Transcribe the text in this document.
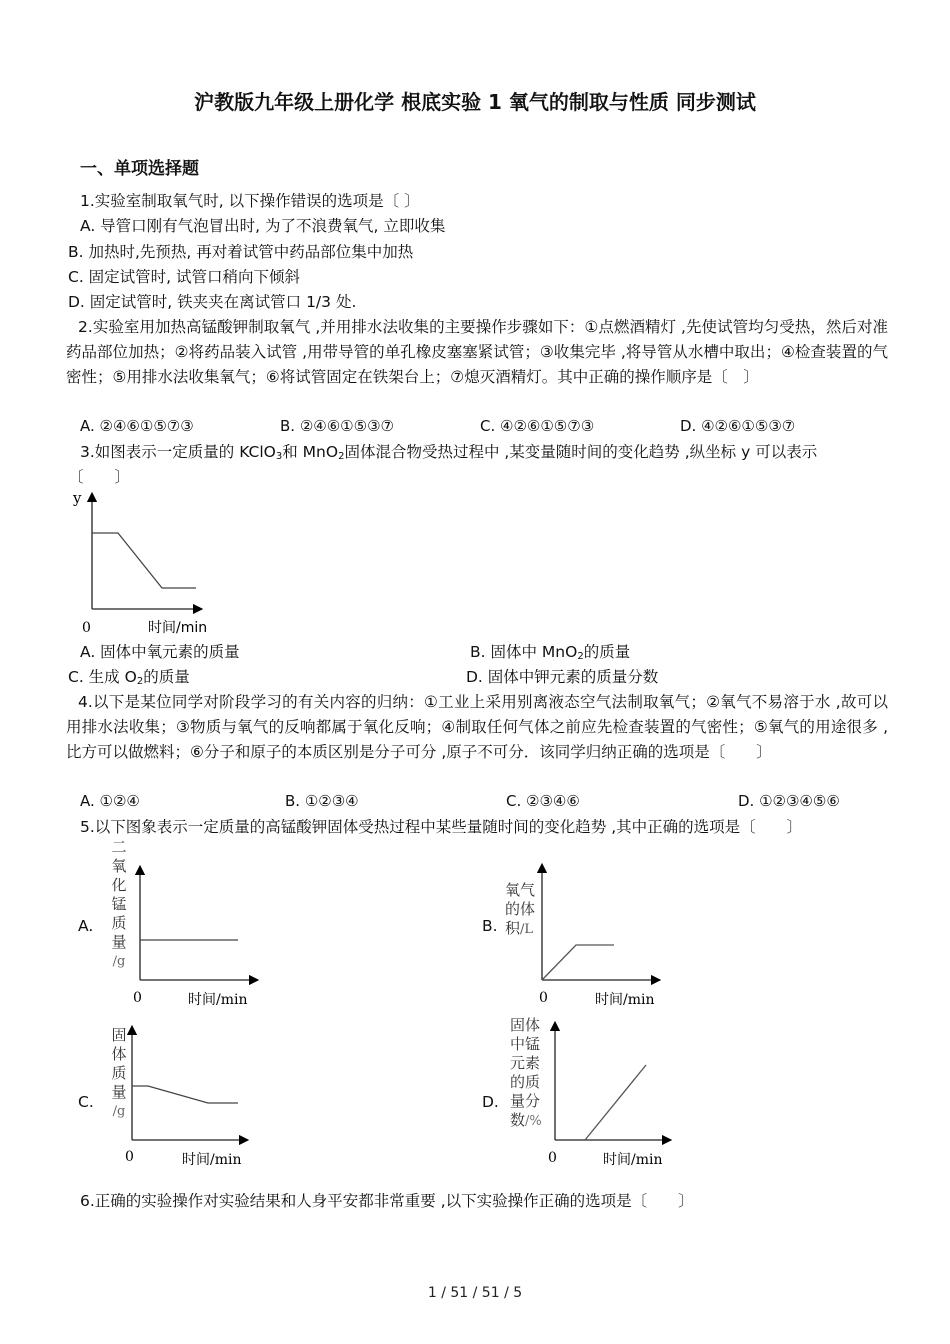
沪教版九年级上册化学 根底实验 1 氧气的制取与性质 同步测试
一、单项选择题
1.实验室制取氧气时, 以下操作错误的选项是〔 〕
A. 导管口刚有气泡冒出时, 为了不浪费氧气, 立即收集
B. 加热时,先预热, 再对着试管中药品部位集中加热
C. 固定试管时, 试管口稍向下倾斜
D. 固定试管时, 铁夹夹在离试管口 1/3 处.
2.实验室用加热高锰酸钾制取氧气 ,并用排水法收集的主要操作步骤如下：①点燃酒精灯 ,先使试管均匀受热，然后对准药品部位加热；②将药品装入试管 ,用带导管的单孔橡皮塞塞紧试管；③收集完毕 ,将导管从水槽中取出；④检查装置的气密性；⑤用排水法收集氧气；⑥将试管固定在铁架台上；⑦熄灭酒精灯。其中正确的操作顺序是〔　〕
A. ②④⑥①⑤⑦③	B. ②④⑥①⑤③⑦	C. ④②⑥①⑤⑦③	D. ④②⑥①⑤③⑦
3.如图表示一定质量的 KClO$_3$和 MnO$_2$固体混合物受热过程中 ,某变量随时间的变化趋势 ,纵坐标 y 可以表示
〔　　〕
y
0	时间/min
A. 固体中氧元素的质量	B. 固体中 MnO$_2$的质量
C. 生成 $O_2$的质量	D. 固体中钾元素的质量分数
4.以下是某位同学对阶段学习的有关内容的归纳：①工业上采用别离液态空气法制取氧气；②氧气不易溶于水 ,故可以用排水法收集；③物质与氧气的反响都属于氧化反响；④制取任何气体之前应先检查装置的气密性；⑤氧气的用途很多 ,比方可以做燃料；⑥分子和原子的本质区别是分子可分 ,原子不可分．该同学归纳正确的选项是〔　　〕
A. ①②④	B. ①②③④	C. ②③④⑥	D. ①②③④⑤⑥
5.以下图象表示一定质量的高锰酸钾固体受热过程中某些量随时间的变化趋势 ,其中正确的选项是〔　　〕
A.
二
氧
化
锰
质
量
/g
0	时间/min
B.
氧气
的体
积/L
0	时间/min
C.
固
体
质
量
/g
0	时间/min
D.
固体
中锰
元素
的质
量分
数/%
0	时间/min
6.正确的实验操作对实验结果和人身平安都非常重要 ,以下实验操作正确的选项是〔　　〕
1 / 51 / 51 / 5
